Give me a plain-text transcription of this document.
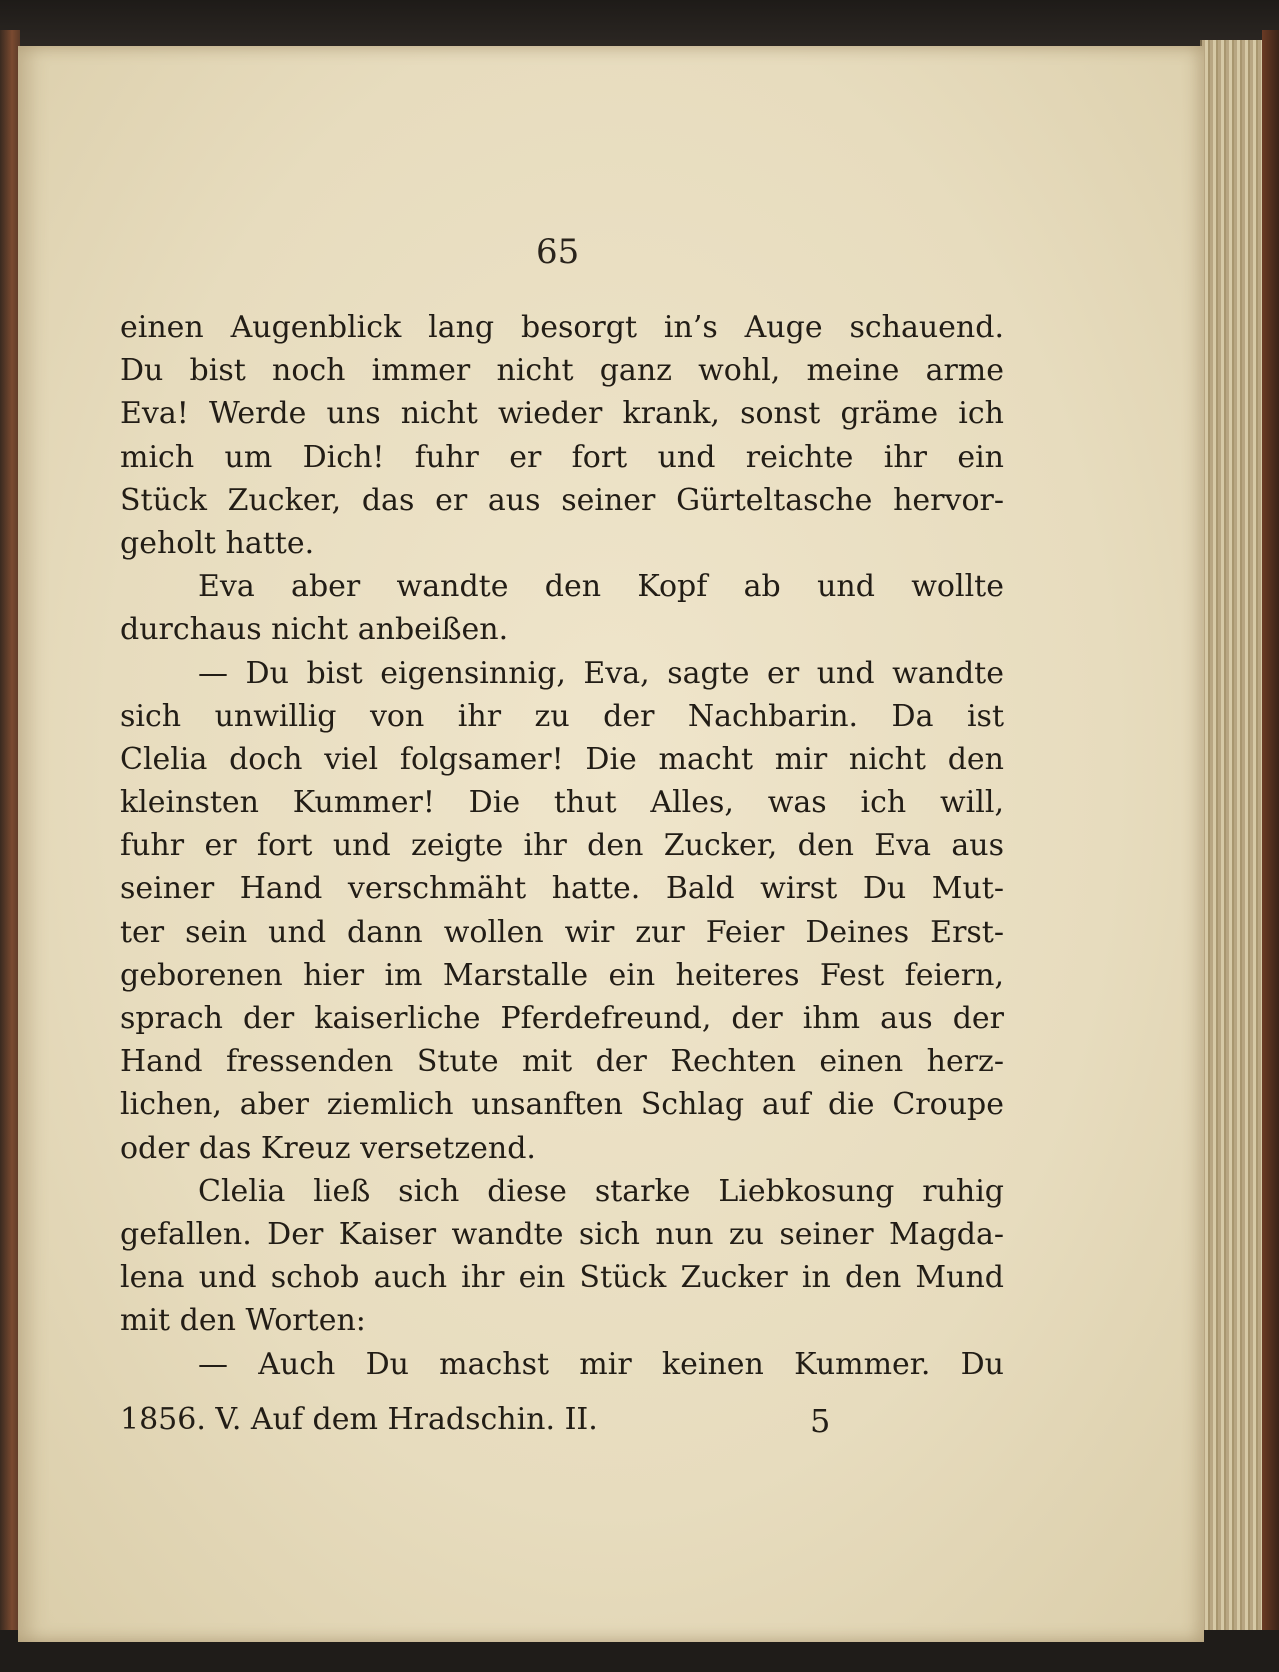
65
einen Augenblick lang besorgt in’s Auge schauend.
Du bist noch immer nicht ganz wohl, meine arme
Eva! Werde uns nicht wieder krank, sonst gräme ich
mich um Dich! fuhr er fort und reichte ihr ein
Stück Zucker, das er aus seiner Gürteltasche hervor-
geholt hatte.
Eva aber wandte den Kopf ab und wollte
durchaus nicht anbeißen.
— Du bist eigensinnig, Eva, sagte er und wandte
sich unwillig von ihr zu der Nachbarin. Da ist
Clelia doch viel folgsamer! Die macht mir nicht den
kleinsten Kummer! Die thut Alles, was ich will,
fuhr er fort und zeigte ihr den Zucker, den Eva aus
seiner Hand verschmäht hatte. Bald wirst Du Mut-
ter sein und dann wollen wir zur Feier Deines Erst-
geborenen hier im Marstalle ein heiteres Fest feiern,
sprach der kaiserliche Pferdefreund, der ihm aus der
Hand fressenden Stute mit der Rechten einen herz-
lichen, aber ziemlich unsanften Schlag auf die Croupe
oder das Kreuz versetzend.
Clelia ließ sich diese starke Liebkosung ruhig
gefallen. Der Kaiser wandte sich nun zu seiner Magda-
lena und schob auch ihr ein Stück Zucker in den Mund
mit den Worten:
— Auch Du machst mir keinen Kummer. Du
1856. V. Auf dem Hradschin. II.	5
